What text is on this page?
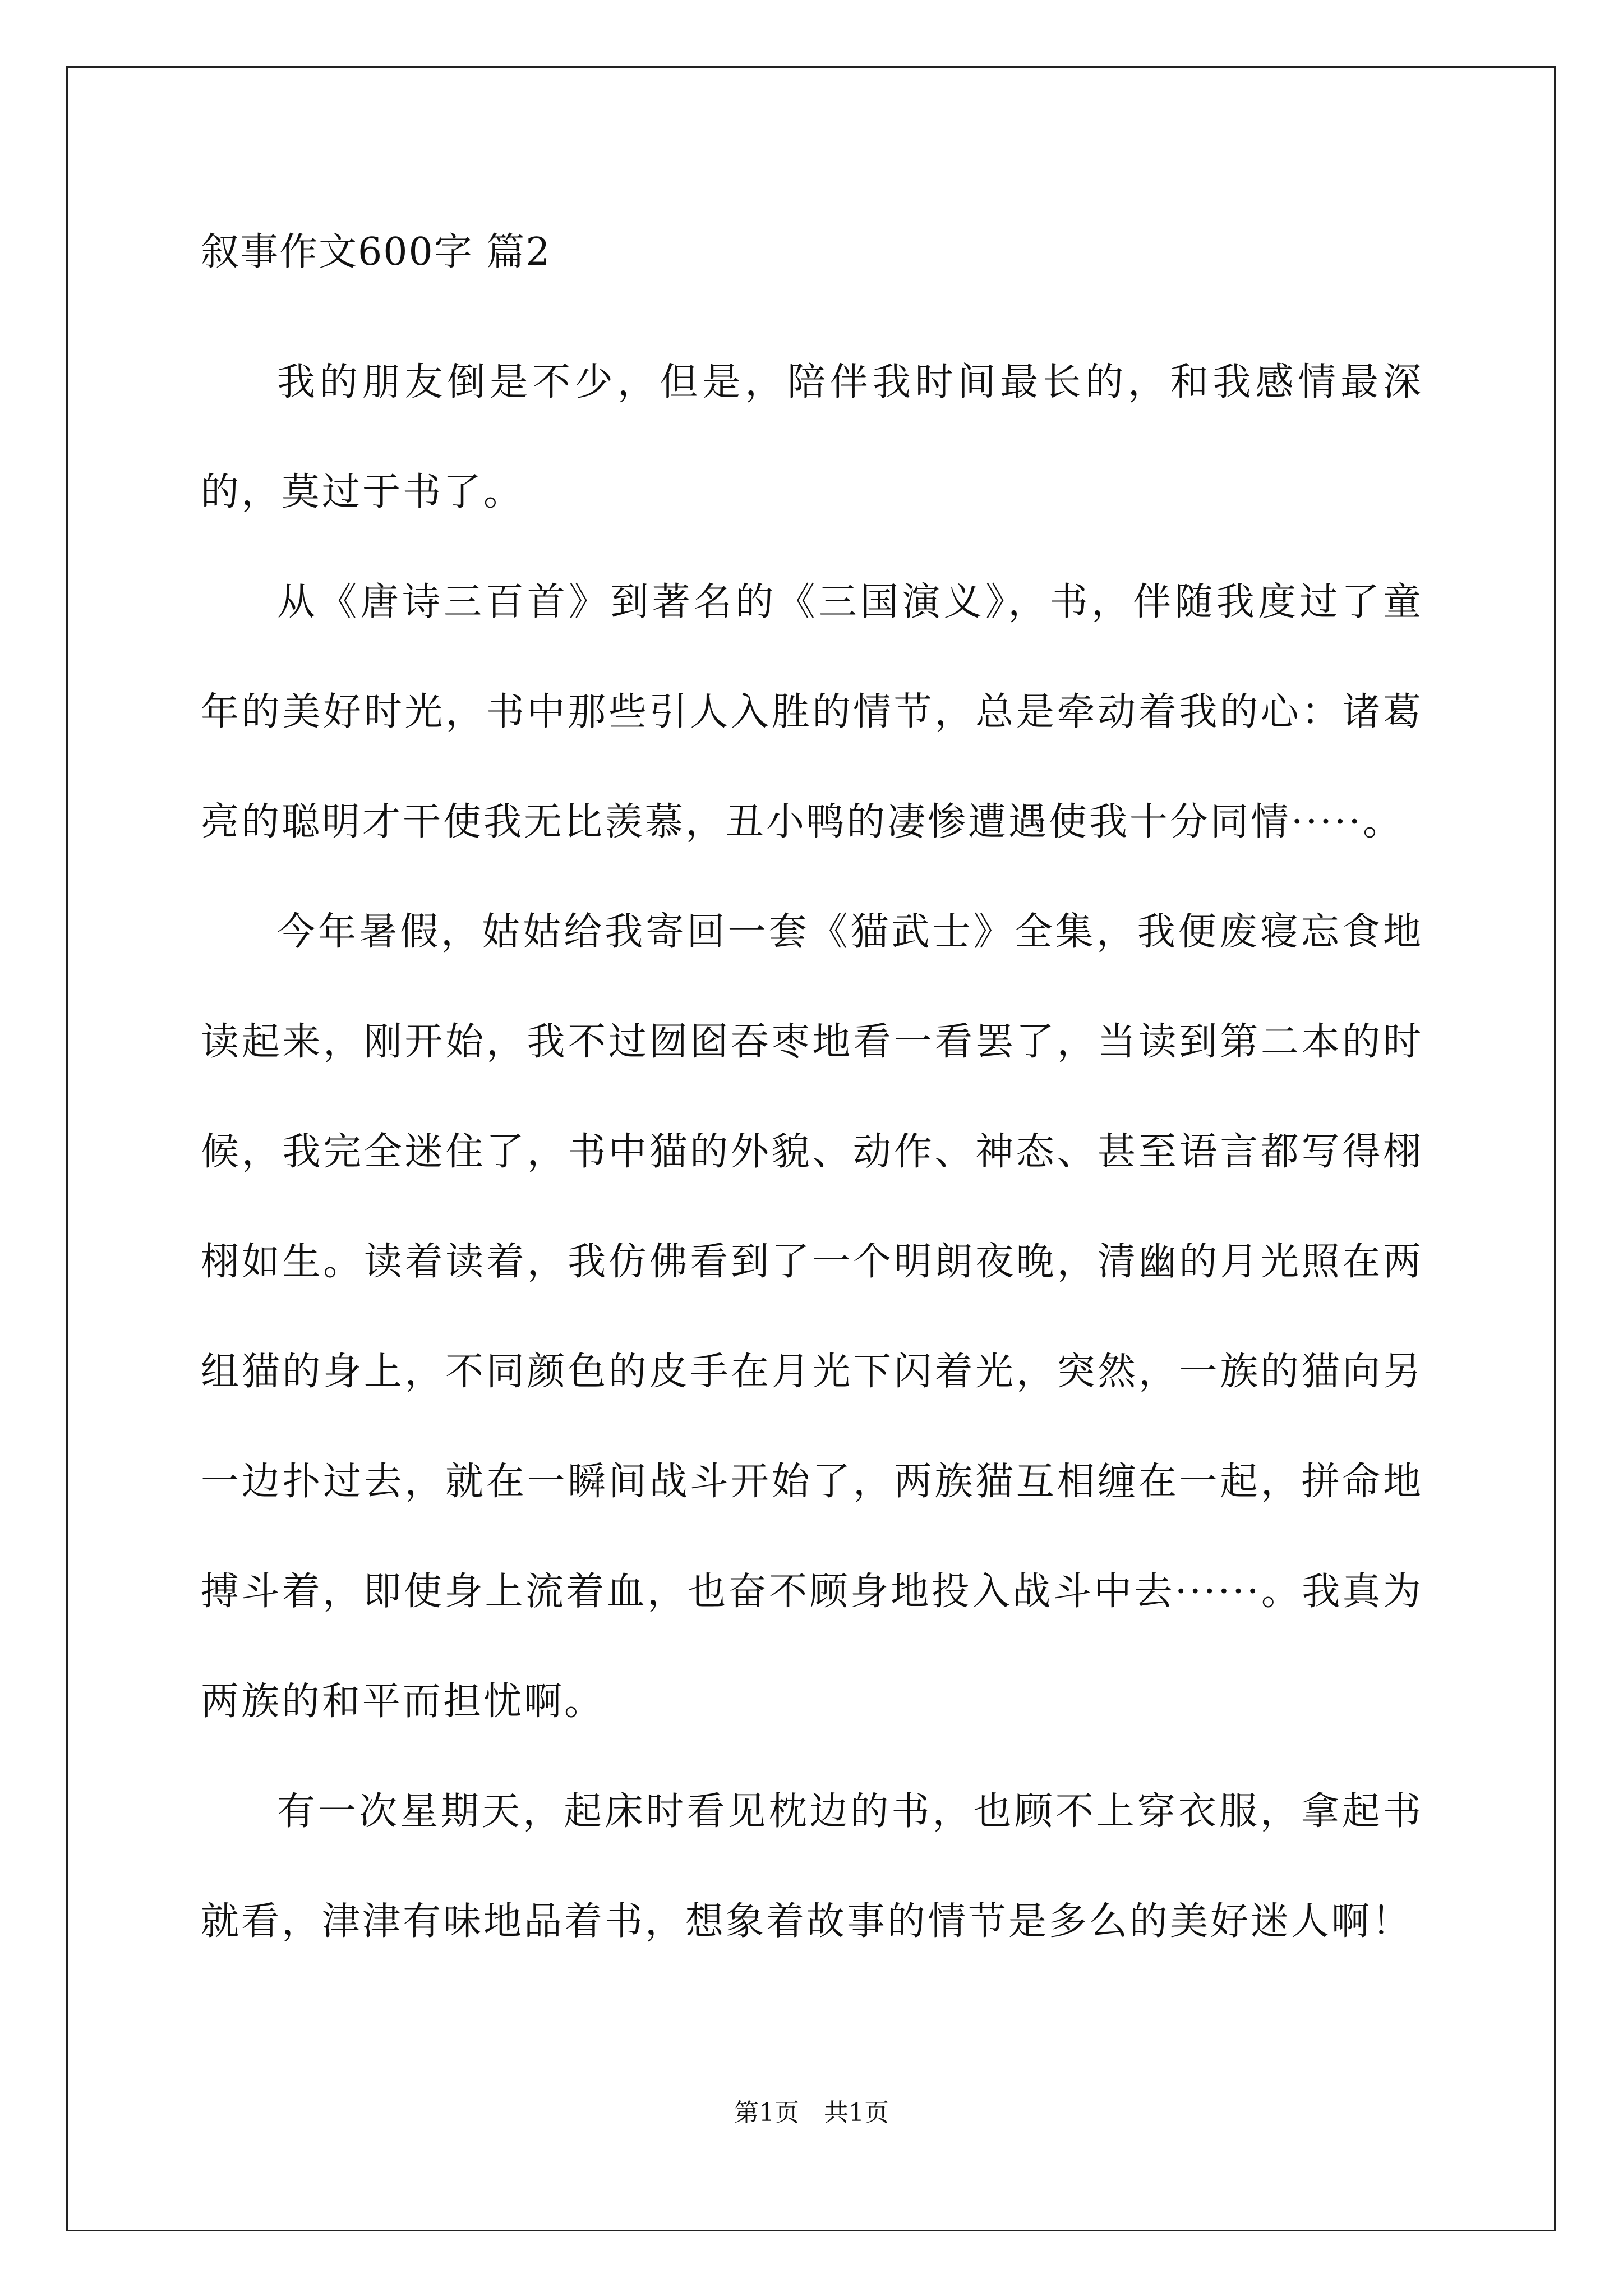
叙事作文600字 篇2

我的朋友倒是不少，但是，陪伴我时间最长的，和我感情最深的，莫过于书了。

从《唐诗三百首》到著名的《三国演义》，书，伴随我度过了童年的美好时光，书中那些引人入胜的情节，总是牵动着我的心：诸葛亮的聪明才干使我无比羡慕，丑小鸭的凄惨遭遇使我十分同情·····。

今年暑假，姑姑给我寄回一套《猫武士》全集，我便废寝忘食地读起来，刚开始，我不过囫囵吞枣地看一看罢了，当读到第二本的时候，我完全迷住了，书中猫的外貌、动作、神态、甚至语言都写得栩栩如生。读着读着，我仿佛看到了一个明朗夜晚，清幽的月光照在两组猫的身上，不同颜色的皮手在月光下闪着光，突然，一族的猫向另一边扑过去，就在一瞬间战斗开始了，两族猫互相缠在一起，拼命地搏斗着，即使身上流着血，也奋不顾身地投入战斗中去······。我真为两族的和平而担忧啊。

有一次星期天，起床时看见枕边的书，也顾不上穿衣服，拿起书就看，津津有味地品着书，想象着故事的情节是多么的美好迷人啊！

第1页　共1页
